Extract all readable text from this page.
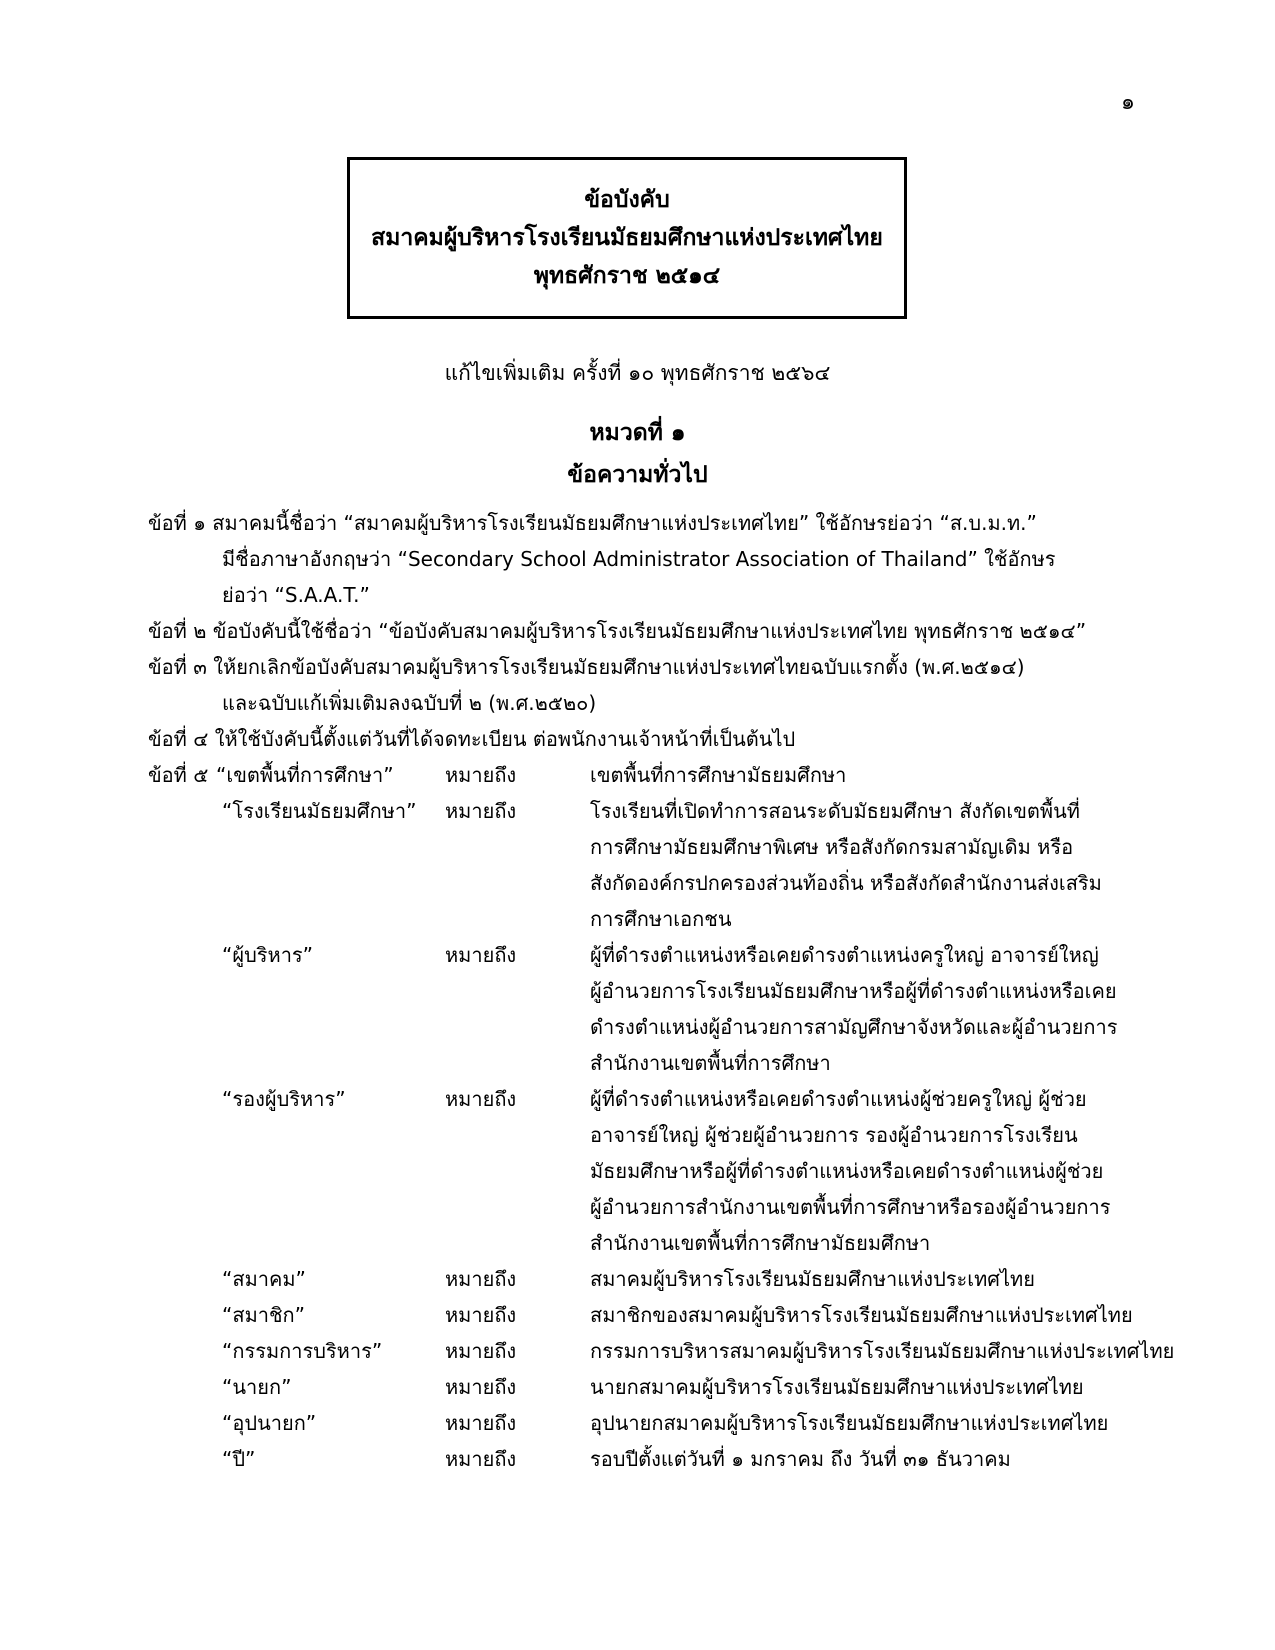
๑
ข้อบังคับ
สมาคมผู้บริหารโรงเรียนมัธยมศึกษาแห่งประเทศไทย
พุทธศักราช ๒๕๑๔
แก้ไขเพิ่มเติม ครั้งที่ ๑๐ พุทธศักราช ๒๕๖๔
หมวดที่ ๑
ข้อความทั่วไป
ข้อที่ ๑ สมาคมนี้ชื่อว่า “สมาคมผู้บริหารโรงเรียนมัธยมศึกษาแห่งประเทศไทย” ใช้อักษรย่อว่า “ส.บ.ม.ท.”
มีชื่อภาษาอังกฤษว่า “Secondary School Administrator Association of Thailand” ใช้อักษร
ย่อว่า “S.A.A.T.”
ข้อที่ ๒ ข้อบังคับนี้ใช้ชื่อว่า “ข้อบังคับสมาคมผู้บริหารโรงเรียนมัธยมศึกษาแห่งประเทศไทย พุทธศักราช ๒๕๑๔”
ข้อที่ ๓ ให้ยกเลิกข้อบังคับสมาคมผู้บริหารโรงเรียนมัธยมศึกษาแห่งประเทศไทยฉบับแรกตั้ง (พ.ศ.๒๕๑๔)
และฉบับแก้เพิ่มเติมลงฉบับที่ ๒ (พ.ศ.๒๕๒๐)
ข้อที่ ๔ ให้ใช้บังคับนี้ตั้งแต่วันที่ได้จดทะเบียน ต่อพนักงานเจ้าหน้าที่เป็นต้นไป
ข้อที่ ๕ “เขตพื้นที่การศึกษา”	หมายถึง	เขตพื้นที่การศึกษามัธยมศึกษา
“โรงเรียนมัธยมศึกษา” หมายถึง	โรงเรียนที่เปิดทำการสอนระดับมัธยมศึกษา สังกัดเขตพื้นที่
การศึกษามัธยมศึกษาพิเศษ หรือสังกัดกรมสามัญเดิม หรือ
สังกัดองค์กรปกครองส่วนท้องถิ่น หรือสังกัดสำนักงานส่งเสริม
การศึกษาเอกชน
“ผู้บริหาร”	หมายถึง	ผู้ที่ดำรงตำแหน่งหรือเคยดำรงตำแหน่งครูใหญ่ อาจารย์ใหญ่
ผู้อำนวยการโรงเรียนมัธยมศึกษาหรือผู้ที่ดำรงตำแหน่งหรือเคย
ดำรงตำแหน่งผู้อำนวยการสามัญศึกษาจังหวัดและผู้อำนวยการ
สำนักงานเขตพื้นที่การศึกษา
“รองผู้บริหาร”	หมายถึง	ผู้ที่ดำรงตำแหน่งหรือเคยดำรงตำแหน่งผู้ช่วยครูใหญ่ ผู้ช่วย
อาจารย์ใหญ่ ผู้ช่วยผู้อำนวยการ รองผู้อำนวยการโรงเรียน
มัธยมศึกษาหรือผู้ที่ดำรงตำแหน่งหรือเคยดำรงตำแหน่งผู้ช่วย
ผู้อำนวยการสำนักงานเขตพื้นที่การศึกษาหรือรองผู้อำนวยการ
สำนักงานเขตพื้นที่การศึกษามัธยมศึกษา
“สมาคม”	หมายถึง	สมาคมผู้บริหารโรงเรียนมัธยมศึกษาแห่งประเทศไทย
“สมาชิก”	หมายถึง	สมาชิกของสมาคมผู้บริหารโรงเรียนมัธยมศึกษาแห่งประเทศไทย
“กรรมการบริหาร”	หมายถึง	กรรมการบริหารสมาคมผู้บริหารโรงเรียนมัธยมศึกษาแห่งประเทศไทย
“นายก”	หมายถึง	นายกสมาคมผู้บริหารโรงเรียนมัธยมศึกษาแห่งประเทศไทย
“อุปนายก”	หมายถึง	อุปนายกสมาคมผู้บริหารโรงเรียนมัธยมศึกษาแห่งประเทศไทย
“ปี”	หมายถึง	รอบปีตั้งแต่วันที่ ๑ มกราคม ถึง วันที่ ๓๑ ธันวาคม
